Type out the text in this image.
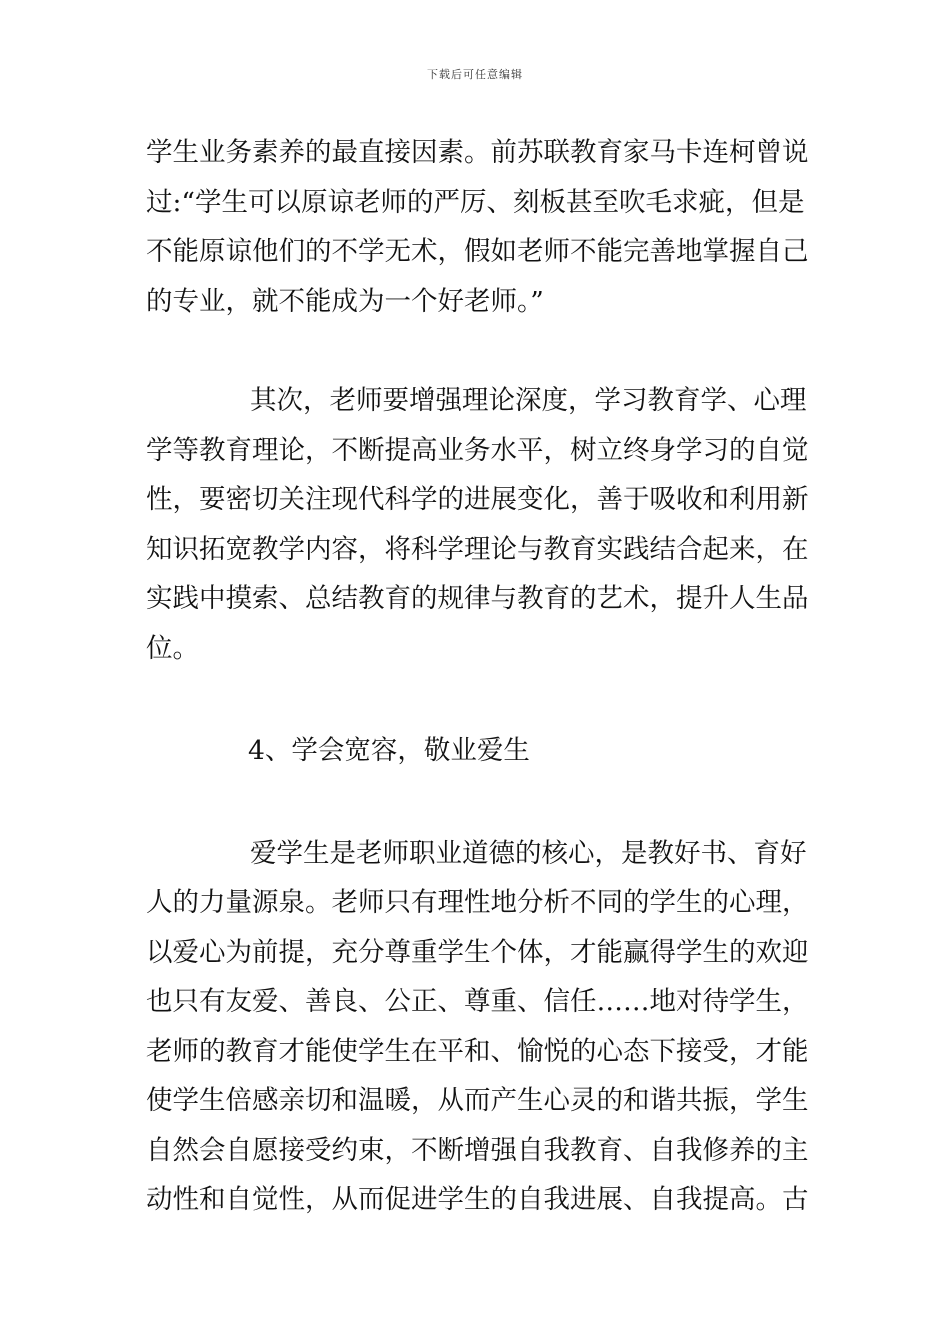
下载后可任意编辑
学生业务素养的最直接因素。前苏联教育家马卡连柯曾说
过:“学生可以原谅老师的严厉、刻板甚至吹毛求疵，但是
不能原谅他们的不学无术，假如老师不能完善地掌握自己
的专业，就不能成为一个好老师。”
其次，老师要增强理论深度，学习教育学、心理
学等教育理论，不断提高业务水平，树立终身学习的自觉
性，要密切关注现代科学的进展变化，善于吸收和利用新
知识拓宽教学内容，将科学理论与教育实践结合起来，在
实践中摸索、总结教育的规律与教育的艺术，提升人生品
位。
4、学会宽容，敬业爱生
爱学生是老师职业道德的核心，是教好书、育好
人的力量源泉。老师只有理性地分析不同的学生的心理，
以爱心为前提，充分尊重学生个体，才能赢得学生的欢迎
也只有友爱、善良、公正、尊重、信任……地对待学生，
老师的教育才能使学生在平和、愉悦的心态下接受，才能
使学生倍感亲切和温暖，从而产生心灵的和谐共振，学生
自然会自愿接受约束，不断增强自我教育、自我修养的主
动性和自觉性，从而促进学生的自我进展、自我提高。古
